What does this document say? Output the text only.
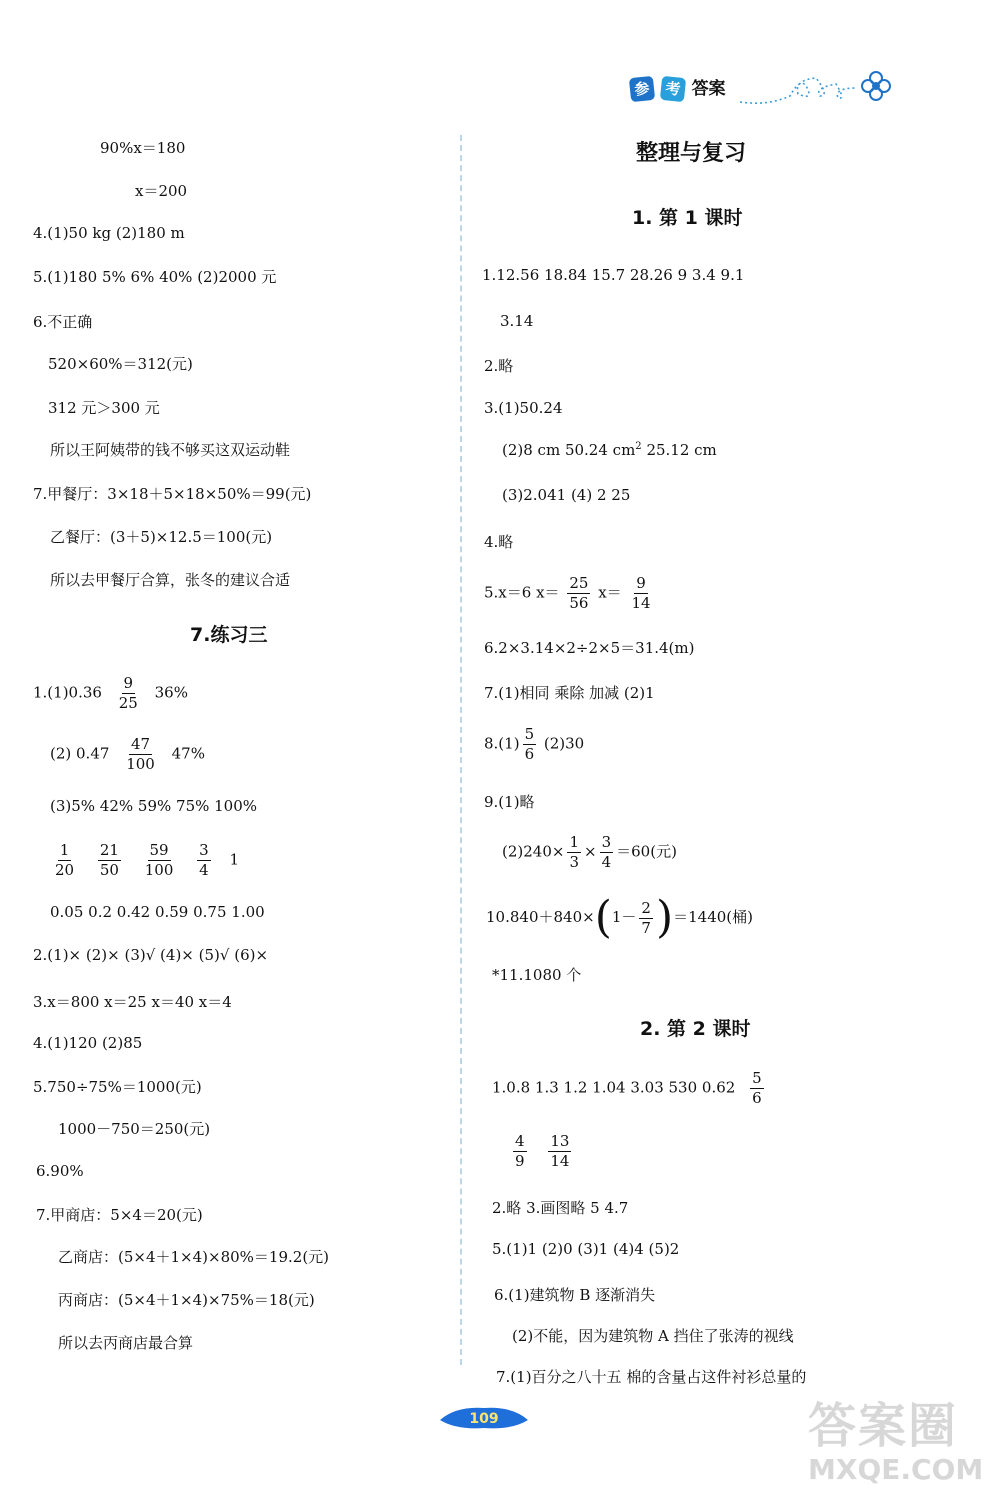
参 考 答案
90%x＝180
x＝200
4.(1)50 kg (2)180 m
5.(1)180 5% 6% 40% (2)2000 元
6.不正确
520×60%＝312(元)
312 元＞300 元
所以王阿姨带的钱不够买这双运动鞋
7.甲餐厅：3×18＋5×18×50%＝99(元)
乙餐厅：(3＋5)×12.5＝100(元)
所以去甲餐厅合算，张冬的建议合适
7.练习三
$1.(1)0.36 \frac{9}{25} 36\%$
(2) $0.47 \frac{47}{100} 47\%$
(3)5% 42% 59% 75% 100%
$\frac{1}{20}$
$\frac{21}{50}$
$\frac{59}{100}$
$\frac{3}{4} 1$
0.05 0.2 0.42 0.59 0.75 1.00
2.(1)× (2)× (3)√ (4)× (5)√ (6)×
3.x＝800 x＝25 x＝40 x＝4
4.(1)120 (2)85
5.750÷75%＝1000(元)
1000－750＝250(元)
6.90%
7.甲商店：5×4＝20(元)
乙商店：(5×4＋1×4)×80%＝19.2(元)
丙商店：(5×4＋1×4)×75%＝18(元)
所以去丙商店最合算
整理与复习
1. 第 1 课时
1.12.56 18.84 15.7 28.26 9 3.4 9.1
3.14
2.略
3.(1)50.24
(2)8 cm 50.24 $cm^2$ 25.12 cm
(3)2.041 (4) 2 25
4.略
5.x＝6 $x= \frac{25}{56} x= \frac{9}{14}$
6.2×3.14×2÷2×5＝31.4(m)
7.(1)相同 乘除 加减 (2)1
$8.(1) \frac{5}{6} (2)30$
9.(1)略
$(2)240\times \frac{1}{3} \times \frac{3}{4} =60$(元)
$10.840+840\times(1- \frac{2}{7} )=1440$(桶)
*11.1080 个
2. 第 2 课时
1.0.8 1.3 1.2 1.04 3.03 530 $0.62 \frac{5}{6}$
$\frac{4}{9}$
$\frac{13}{14}$
2.略 3.画图略 5 4.7
5.(1)1 (2)0 (3)1 (4)4 (5)2
6.(1)建筑物 B 逐渐消失
(2)不能，因为建筑物 A 挡住了张涛的视线
7.(1)百分之八十五 棉的含量占这件衬衫总量的
109	答案圈
MXQE.COM
